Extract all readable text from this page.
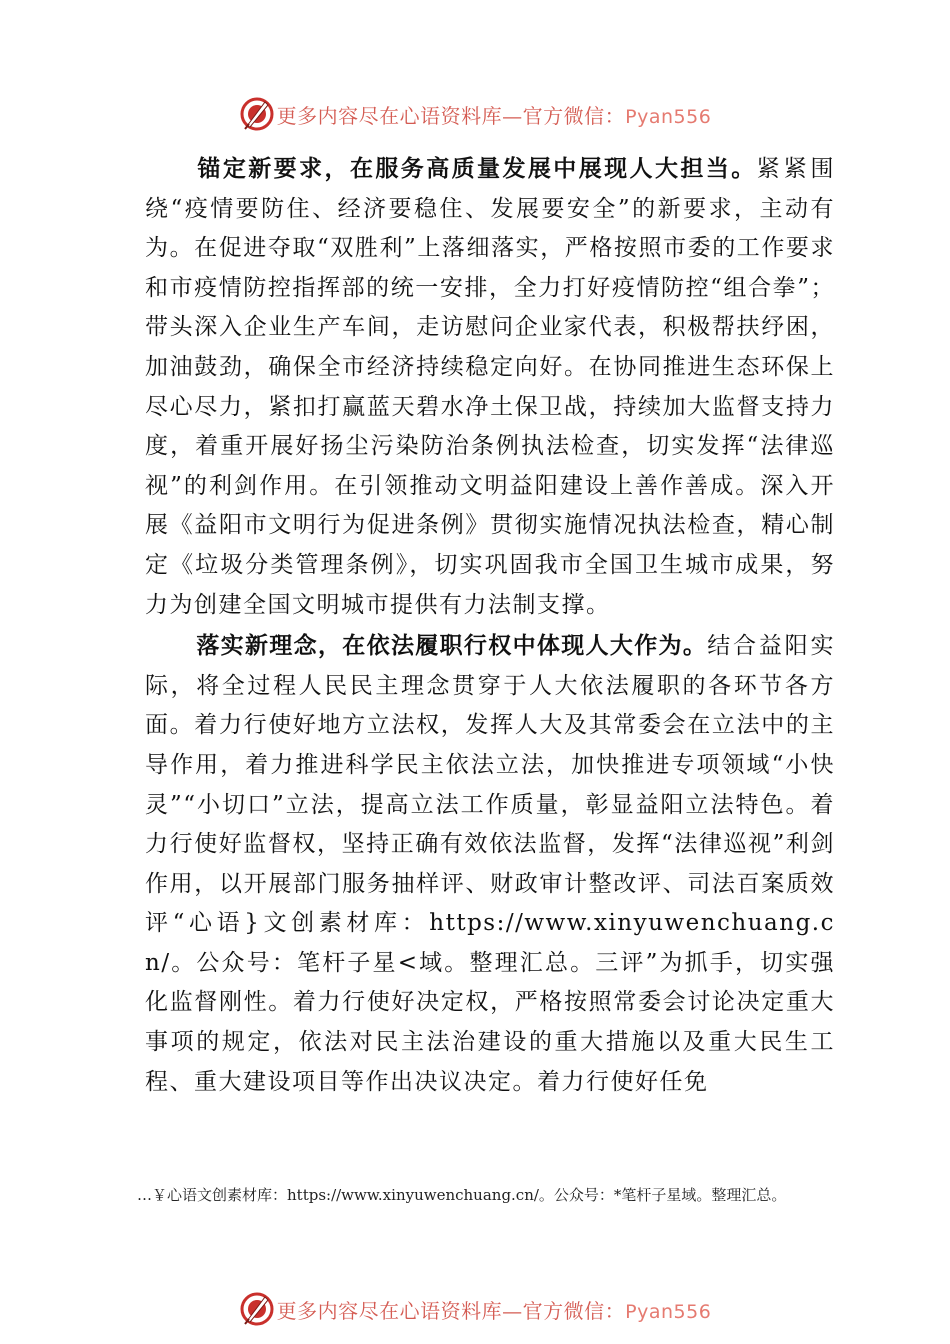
更多内容尽在心语资料库—官方微信：Pyan556

锚定新要求，在服务高质量发展中展现人大担当。紧紧围绕“疫情要防住、经济要稳住、发展要安全”的新要求，主动有为。在促进夺取“双胜利”上落细落实，严格按照市委的工作要求和市疫情防控指挥部的统一安排，全力打好疫情防控“组合拳”；带头深入企业生产车间，走访慰问企业家代表，积极帮扶纾困，加油鼓劲，确保全市经济持续稳定向好。在协同推进生态环保上尽心尽力，紧扣打赢蓝天碧水净土保卫战，持续加大监督支持力度，着重开展好扬尘污染防治条例执法检查，切实发挥“法律巡视”的利剑作用。在引领推动文明益阳建设上善作善成。深入开展《益阳市文明行为促进条例》贯彻实施情况执法检查，精心制定《垃圾分类管理条例》，切实巩固我市全国卫生城市成果，努力为创建全国文明城市提供有力法制支撑。

落实新理念，在依法履职行权中体现人大作为。结合益阳实际，将全过程人民民主理念贯穿于人大依法履职的各环节各方面。着力行使好地方立法权，发挥人大及其常委会在立法中的主导作用，着力推进科学民主依法立法，加快推进专项领域“小快灵”“小切口”立法，提高立法工作质量，彰显益阳立法特色。着力行使好监督权，坚持正确有效依法监督，发挥“法律巡视”利剑作用，以开展部门服务抽样评、财政审计整改评、司法百案质效评“心语}文创素材库：https://www.xinyuwenchuang.cn/。公众号：笔杆子星<域。整理汇总。三评”为抓手，切实强化监督刚性。着力行使好决定权，严格按照常委会讨论决定重大事项的规定，依法对民主法治建设的重大措施以及重大民生工程、重大建设项目等作出决议决定。着力行使好任免

…￥心语文创素材库：https://www.xinyuwenchuang.cn/。公众号：*笔杆子星域。整理汇总。
更多内容尽在心语资料库—官方微信：Pyan556
